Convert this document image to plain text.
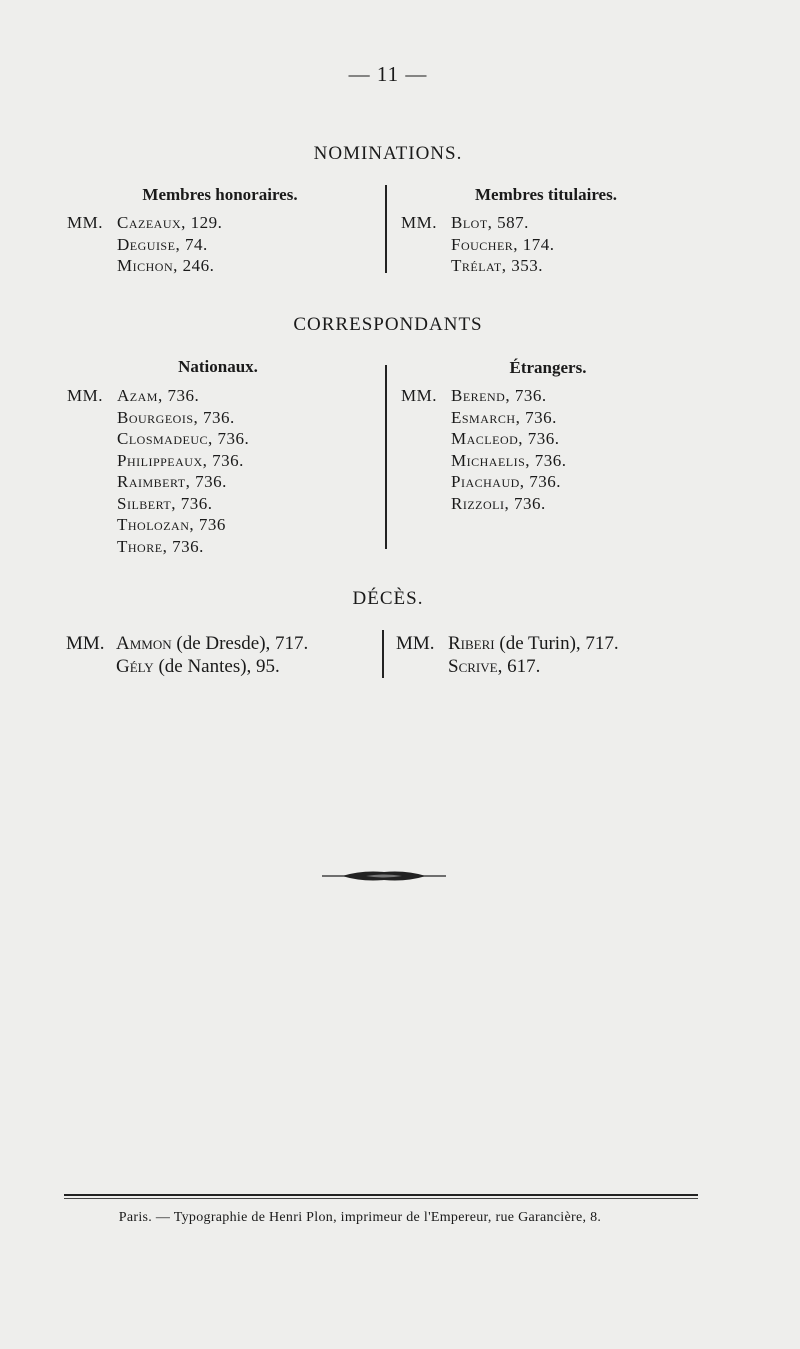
— 11 —
NOMINATIONS.
Membres honoraires.	Membres titulaires.
MM. Cazeaux, 129.
Deguise, 74.
Michon, 246.
MM. Blot, 587.
Foucher, 174.
Trélat, 353.
CORRESPONDANTS
Nationaux.	Étrangers.
MM. Azam, 736.
Bourgeois, 736.
Closmadeuc, 736.
Philippeaux, 736.
Raimbert, 736.
Silbert, 736.
Tholozan, 736
Thore, 736.
MM. Berend, 736.
Esmarch, 736.
Macleod, 736.
Michaelis, 736.
Piachaud, 736.
Rizzoli, 736.
DÉCÈS.
MM. Ammon (de Dresde), 717.
Gély (de Nantes), 95.
MM. Riberi (de Turin), 717.
Scrive, 617.
Paris. — Typographie de Henri Plon, imprimeur de l'Empereur, rue Garancière, 8.
